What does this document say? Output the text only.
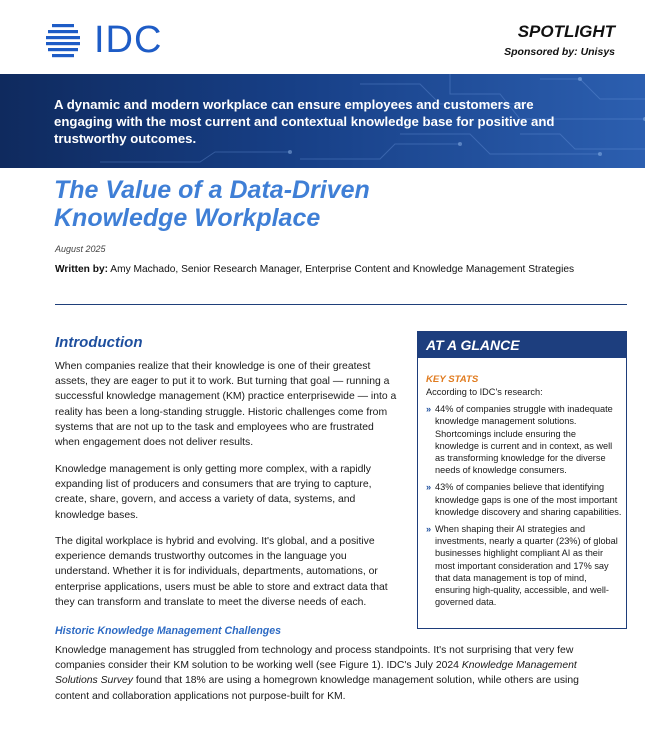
IDC	SPOTLIGHT
Sponsored by: Unisys
A dynamic and modern workplace can ensure employees and customers are engaging with the most current and contextual knowledge base for positive and trustworthy outcomes.
The Value of a Data-Driven
Knowledge Workplace
August 2025
Written by: Amy Machado, Senior Research Manager, Enterprise Content and Knowledge Management Strategies
Introduction
When companies realize that their knowledge is one of their greatest assets, they are eager to put it to work. But turning that goal — running a successful knowledge management (KM) practice enterprisewide — into a reality has been a long-standing struggle. Historic challenges come from systems that are not up to the task and employees who are frustrated when engagement does not deliver results.
Knowledge management is only getting more complex, with a rapidly expanding list of producers and consumers that are trying to capture, create, share, govern, and access a variety of data, systems, and knowledge bases.
The digital workplace is hybrid and evolving. It's global, and a positive experience demands trustworthy outcomes in the language you understand. Whether it is for individuals, departments, automations, or enterprise applications, users must be able to store and extract data that they can transform and translate to meet the diverse needs of each.
Historic Knowledge Management Challenges
Knowledge management has struggled from technology and process standpoints. It's not surprising that very few companies consider their KM solution to be working well (see Figure 1). IDC's July 2024 Knowledge Management Solutions Survey found that 18% are using a homegrown knowledge management solution, while others are using content and collaboration applications not purpose-built for KM.
AT A GLANCE
KEY STATS
According to IDC's research:
» 44% of companies struggle with inadequate knowledge management solutions. Shortcomings include ensuring the knowledge is current and in context, as well as transforming knowledge for the diverse needs of knowledge consumers.
» 43% of companies believe that identifying knowledge gaps is one of the most important knowledge discovery and sharing capabilities.
» When shaping their AI strategies and investments, nearly a quarter (23%) of global businesses highlight compliant AI as their most important consideration and 17% say that data management is top of mind, ensuring high-quality, accessible, and well-governed data.
